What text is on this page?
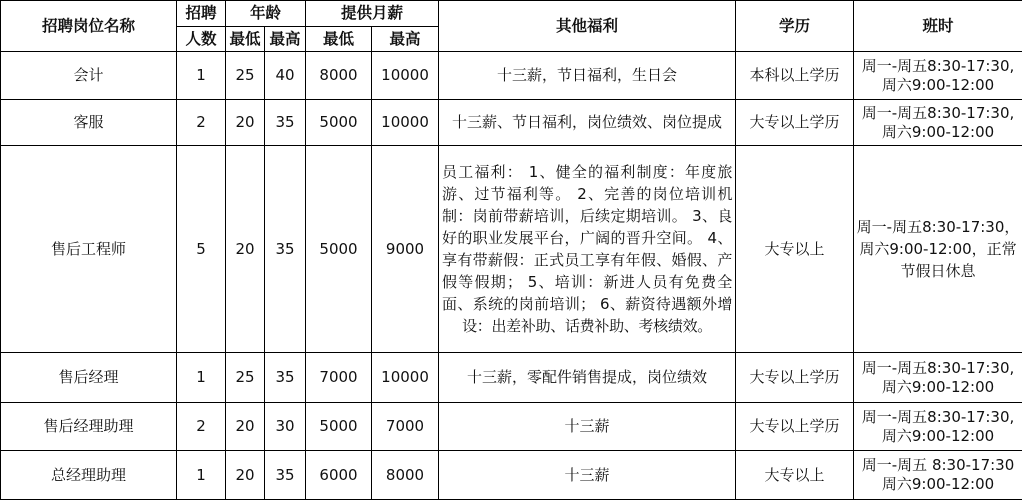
招聘岗位名称	招聘	年龄		提供月薪		其他福利	学历	班时
	人数	最低	最高	最低	最高			
会计	1	25	40	8000	10000	十三薪，节日福利，生日会	本科以上学历	周一-周五8:30-17:30,周六9:00-12:00
客服	2	20	35	5000	10000	十三薪、节日福利，岗位绩效、岗位提成	大专以上学历	周一-周五8:30-17:30,周六9:00-12:00
售后工程师	5	20	35	5000	9000	员工福利： 1、健全的福利制度：年度旅游、过节福利等。 2、完善的岗位培训机制：岗前带薪培训，后续定期培训。 3、良好的职业发展平台，广阔的晋升空间。 4、享有带薪假：正式员工享有年假、婚假、产假等假期； 5、培训：新进人员有免费全面、系统的岗前培训； 6、薪资待遇额外增设：出差补助、话费补助、考核绩效。	大专以上	周一-周五8:30-17:30，周六9:00-12:00，正常节假日休息
售后经理	1	25	35	7000	10000	十三薪，零配件销售提成，岗位绩效	大专以上学历	周一-周五8:30-17:30,周六9:00-12:00
售后经理助理	2	20	30	5000	7000	十三薪	大专以上学历	周一-周五8:30-17:30,周六9:00-12:00
总经理助理	1	20	35	6000	8000	十三薪	大专以上	周一-周五 8:30-17:30周六9:00-12:00
